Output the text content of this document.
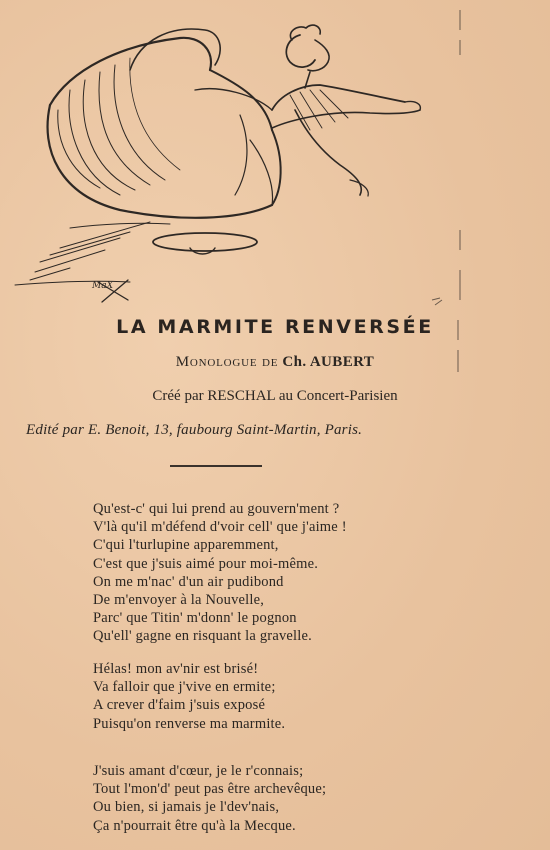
MaX
LA MARMITE RENVERSÉE
Monologue de Ch. AUBERT
Créé par RESCHAL au Concert-Parisien
Edité par E. Benoit, 13, faubourg Saint-Martin, Paris.
Qu'est-c' qui lui prend au gouvern'ment ?
V'là qu'il m'défend d'voir cell' que j'aime !
C'qui l'turlupine apparemment,
C'est que j'suis aimé pour moi-même.
On me m'nac' d'un air pudibond
De m'envoyer à la Nouvelle,
Parc' que Titin' m'donn' le pognon
Qu'ell' gagne en risquant la gravelle.
Hélas! mon av'nir est brisé!
Va falloir que j'vive en ermite;
A crever d'faim j'suis exposé
Puisqu'on renverse ma marmite.
J'suis amant d'cœur, je le r'connais;
Tout l'mon'd' peut pas être archevêque;
Ou bien, si jamais je l'dev'nais,
Ça n'pourrait être qu'à la Mecque.
